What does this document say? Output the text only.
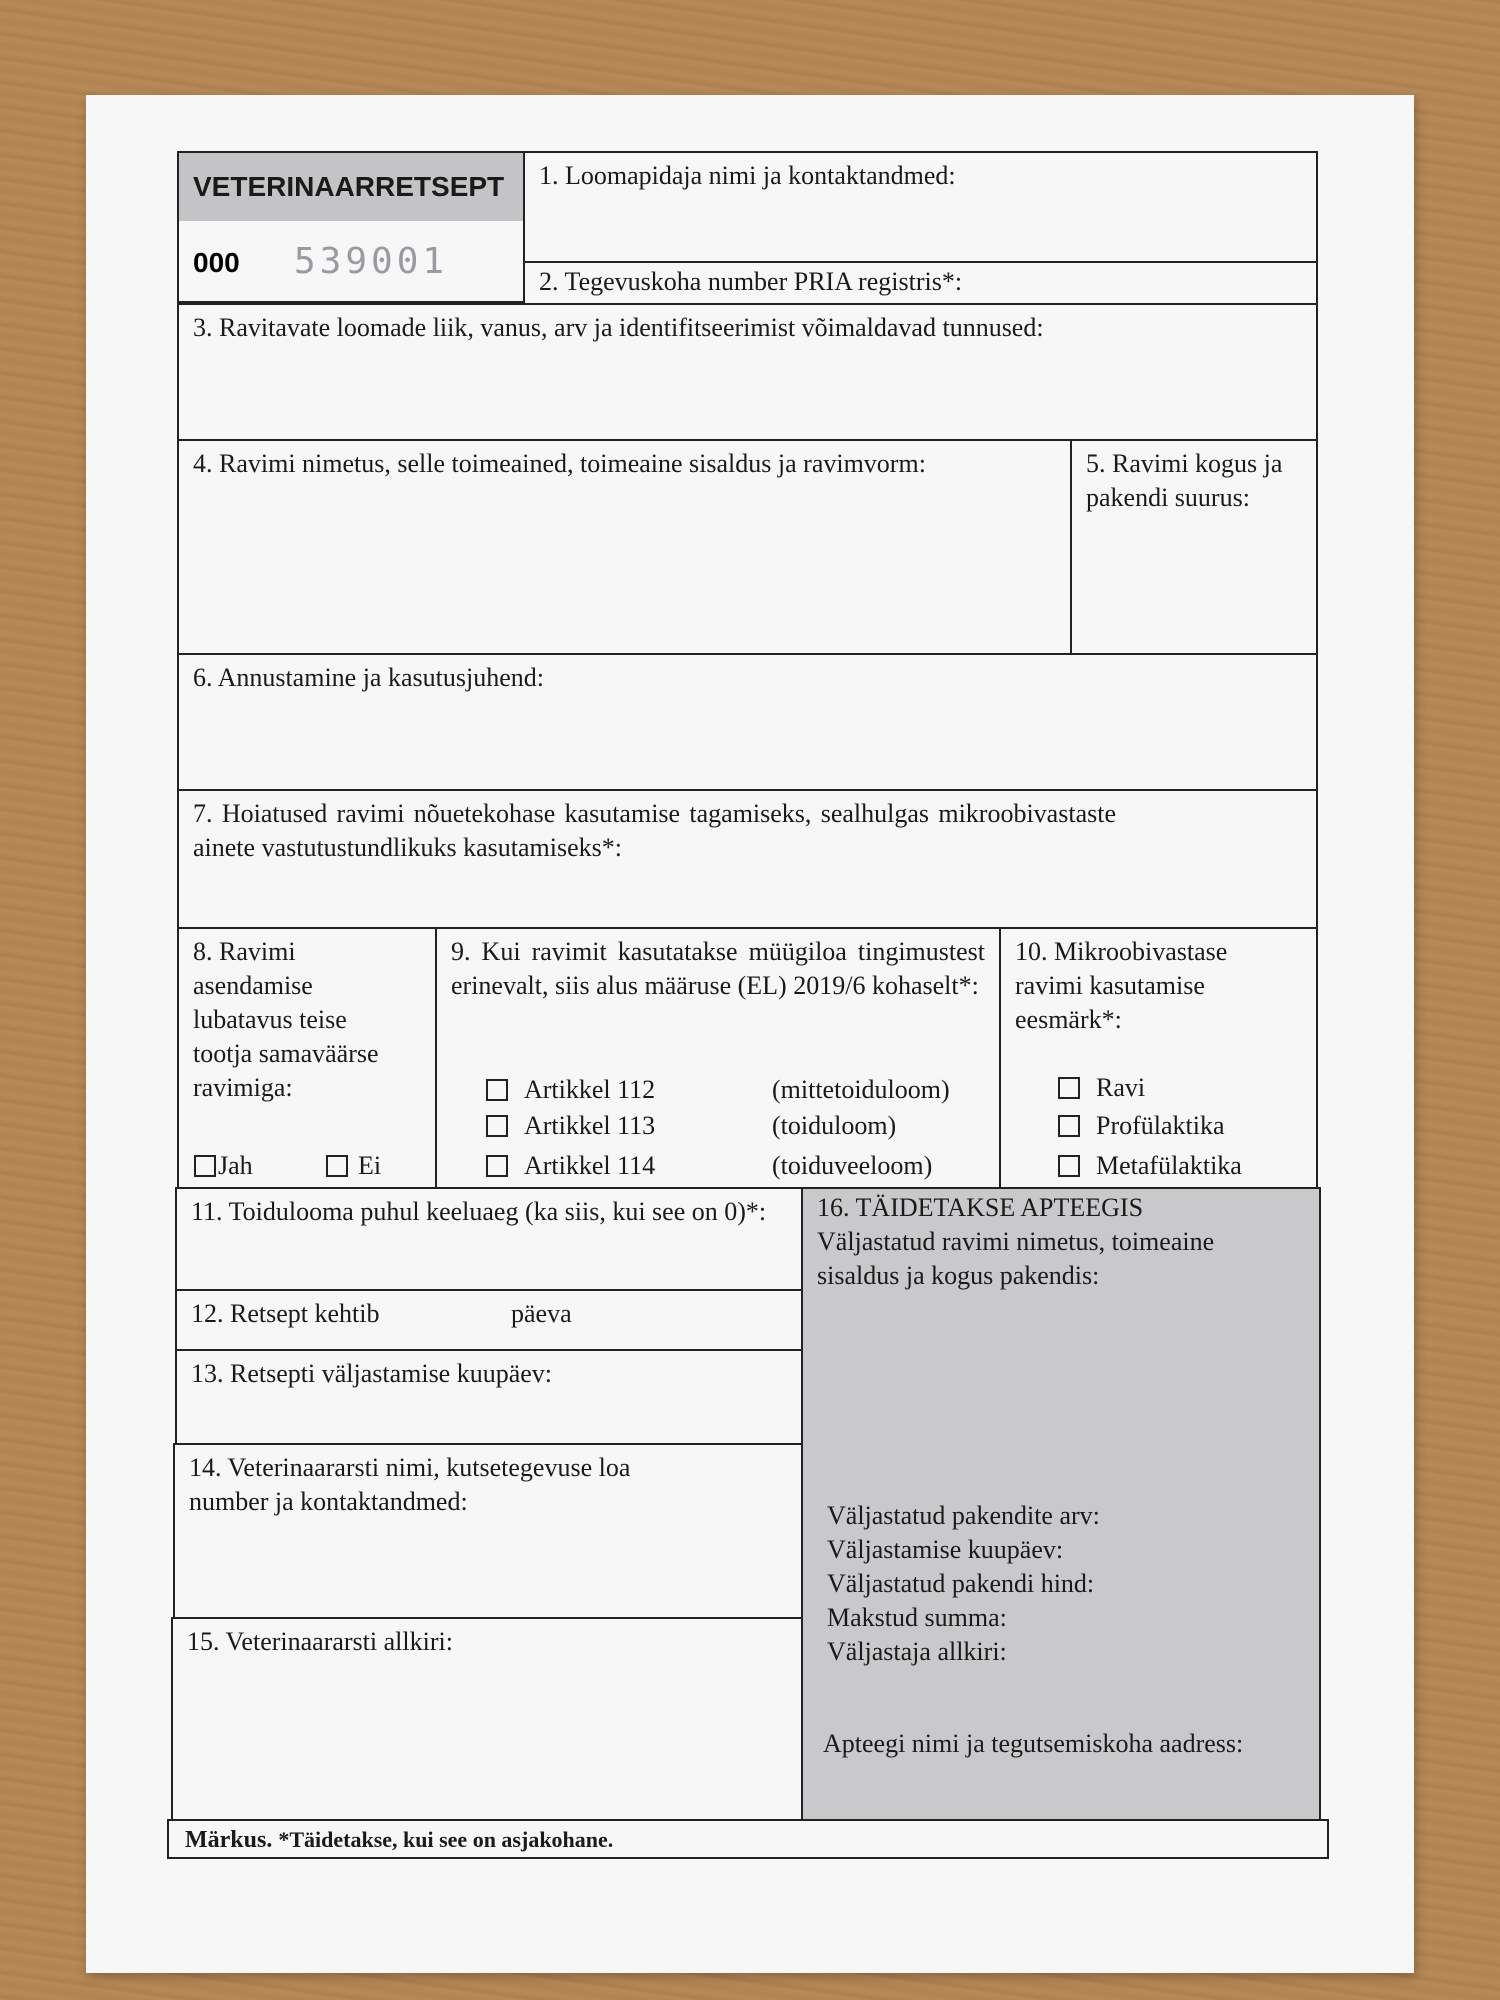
VETERINAARRETSEPT
000 539001
1. Loomapidaja nimi ja kontaktandmed:
2. Tegevuskoha number PRIA registris*:
3. Ravitavate loomade liik, vanus, arv ja identifitseerimist võimaldavad tunnused:
4. Ravimi nimetus, selle toimeained, toimeaine sisaldus ja ravimvorm:	5. Ravimi kogus ja pakendi suurus:
6. Annustamine ja kasutusjuhend:
7. Hoiatused ravimi nõuetekohase kasutamise tagamiseks, sealhulgas mikroobivastaste ainete vastutustundlikuks kasutamiseks*:
8. Ravimi asendamise lubatavus teise tootja samaväärse ravimiga:
Jah	Ei
9. Kui ravimit kasutatakse müügiloa tingimustest erinevalt, siis alus määruse (EL) 2019/6 kohaselt*:
Artikkel 112	(mittetoiduloom)
Artikkel 113	(toiduloom)
Artikkel 114	(toiduveeloom)
10. Mikroobivastase ravimi kasutamise eesmärk*:
Ravi
Profülaktika
Metafülaktika
11. Toidulooma puhul keeluaeg (ka siis, kui see on 0)*:
12. Retsept kehtib	päeva
13. Retsepti väljastamise kuupäev:
14. Veterinaararsti nimi, kutsetegevuse loa number ja kontaktandmed:
15. Veterinaararsti allkiri:
16. TÄIDETAKSE APTEEGIS
Väljastatud ravimi nimetus, toimeaine sisaldus ja kogus pakendis:
Väljastatud pakendite arv:
Väljastamise kuupäev:
Väljastatud pakendi hind:
Makstud summa:
Väljastaja allkiri:
Apteegi nimi ja tegutsemiskoha aadress:
Märkus. *Täidetakse, kui see on asjakohane.
